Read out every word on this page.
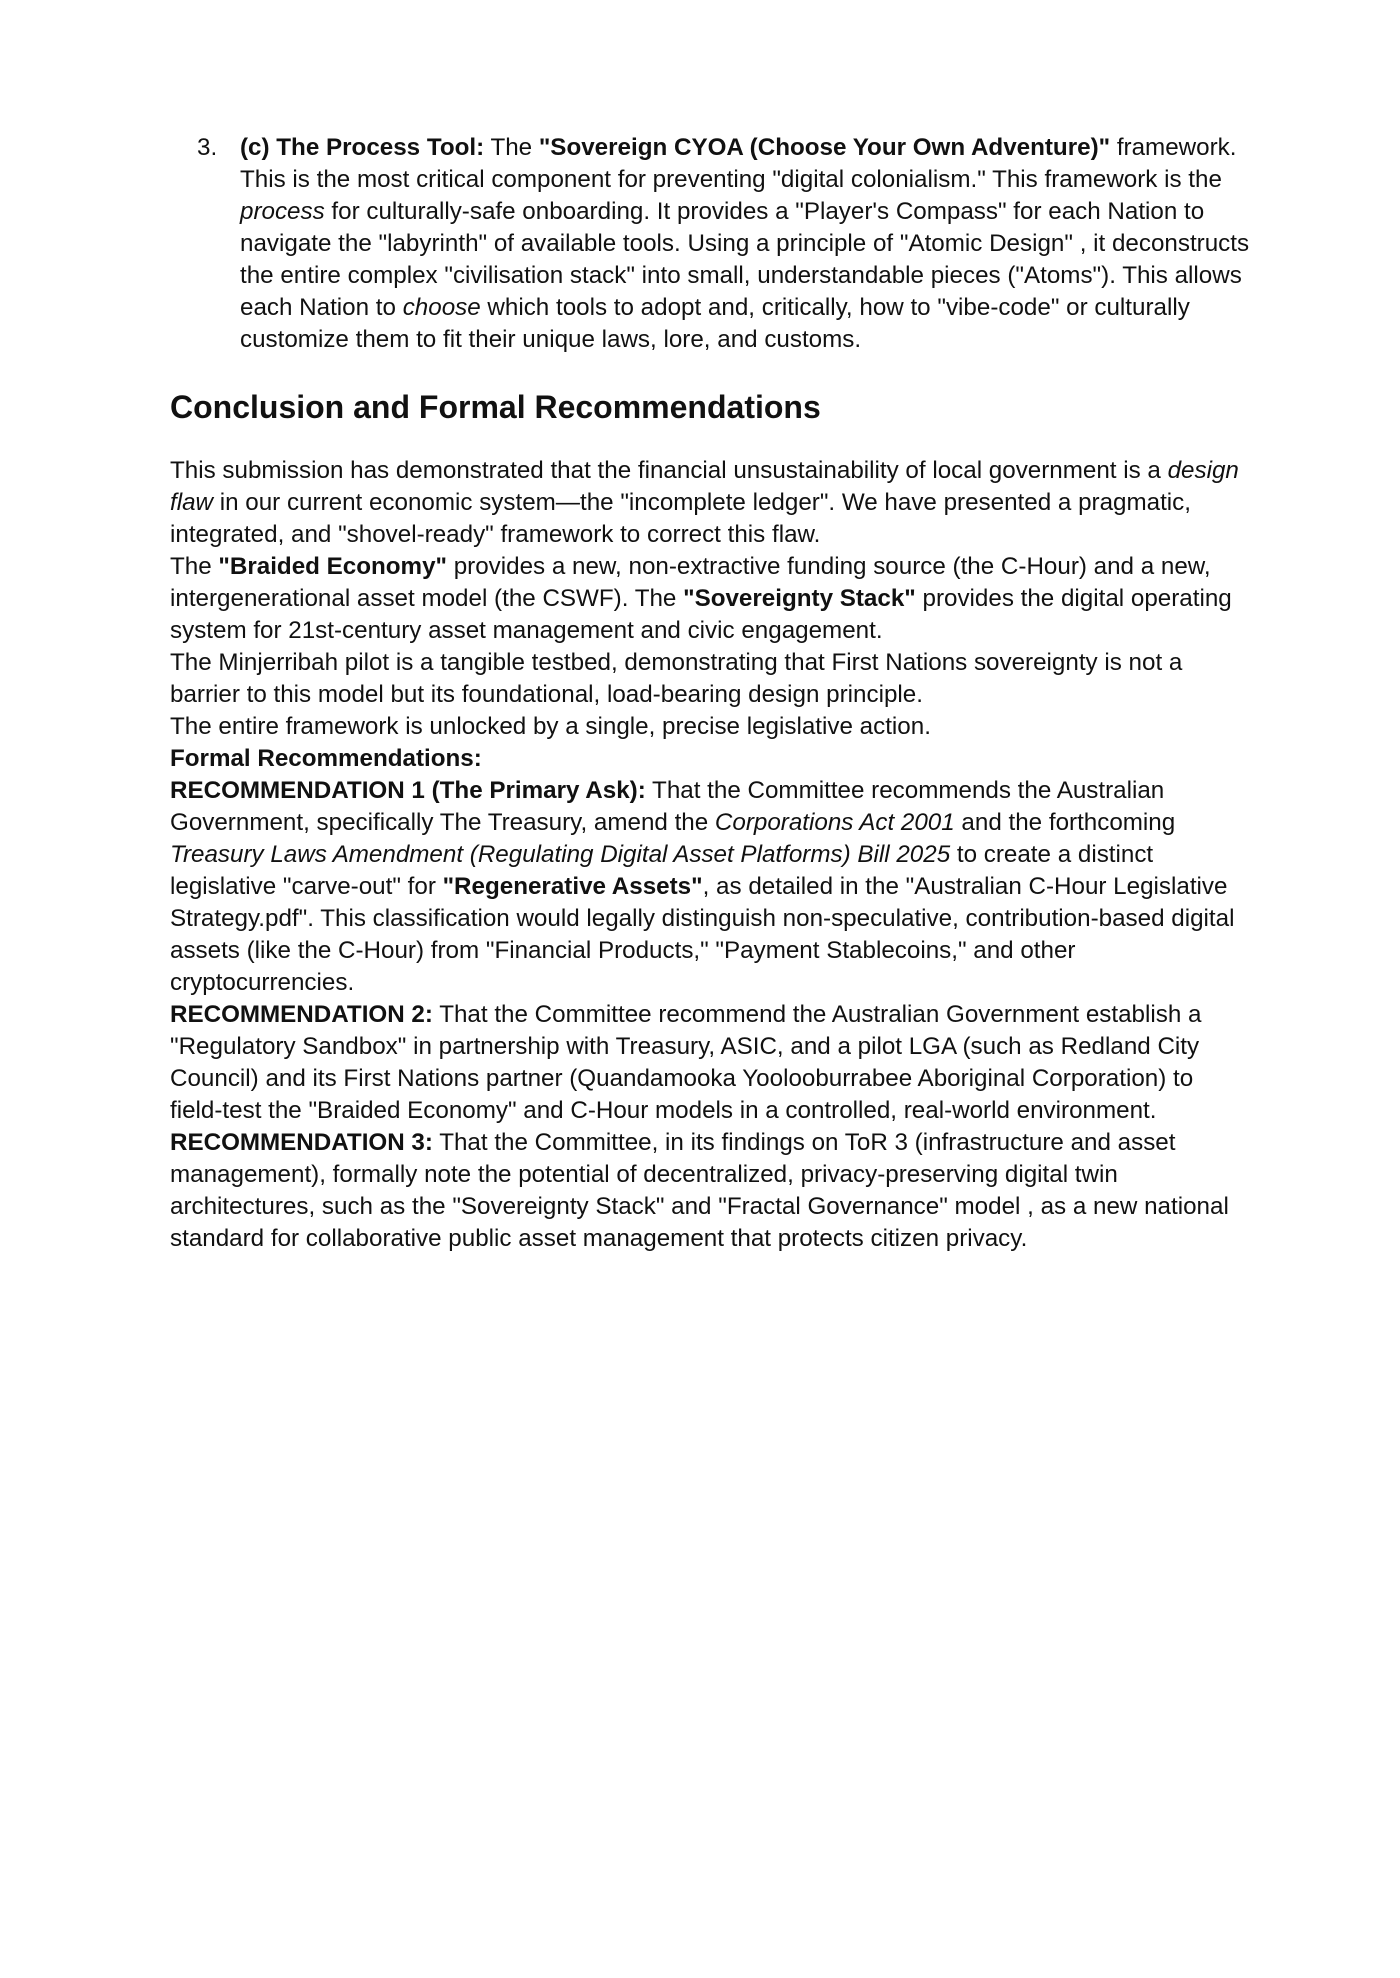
3. (c) The Process Tool: The "Sovereign CYOA (Choose Your Own Adventure)" framework. This is the most critical component for preventing "digital colonialism." This framework is the process for culturally-safe onboarding. It provides a "Player's Compass" for each Nation to navigate the "labyrinth" of available tools. Using a principle of "Atomic Design" , it deconstructs the entire complex "civilisation stack" into small, understandable pieces ("Atoms"). This allows each Nation to choose which tools to adopt and, critically, how to "vibe-code" or culturally customize them to fit their unique laws, lore, and customs.

Conclusion and Formal Recommendations

This submission has demonstrated that the financial unsustainability of local government is a design flaw in our current economic system—the "incomplete ledger". We have presented a pragmatic, integrated, and "shovel-ready" framework to correct this flaw.

The "Braided Economy" provides a new, non-extractive funding source (the C-Hour) and a new, intergenerational asset model (the CSWF). The "Sovereignty Stack" provides the digital operating system for 21st-century asset management and civic engagement.

The Minjerribah pilot is a tangible testbed, demonstrating that First Nations sovereignty is not a barrier to this model but its foundational, load-bearing design principle.

The entire framework is unlocked by a single, precise legislative action.

Formal Recommendations:

RECOMMENDATION 1 (The Primary Ask): That the Committee recommends the Australian Government, specifically The Treasury, amend the Corporations Act 2001 and the forthcoming Treasury Laws Amendment (Regulating Digital Asset Platforms) Bill 2025 to create a distinct legislative "carve-out" for "Regenerative Assets", as detailed in the "Australian C-Hour Legislative Strategy.pdf". This classification would legally distinguish non-speculative, contribution-based digital assets (like the C-Hour) from "Financial Products," "Payment Stablecoins," and other cryptocurrencies.

RECOMMENDATION 2: That the Committee recommend the Australian Government establish a "Regulatory Sandbox" in partnership with Treasury, ASIC, and a pilot LGA (such as Redland City Council) and its First Nations partner (Quandamooka Yoolooburrabee Aboriginal Corporation) to field-test the "Braided Economy" and C-Hour models in a controlled, real-world environment.

RECOMMENDATION 3: That the Committee, in its findings on ToR 3 (infrastructure and asset management), formally note the potential of decentralized, privacy-preserving digital twin architectures, such as the "Sovereignty Stack" and "Fractal Governance" model , as a new national standard for collaborative public asset management that protects citizen privacy.
